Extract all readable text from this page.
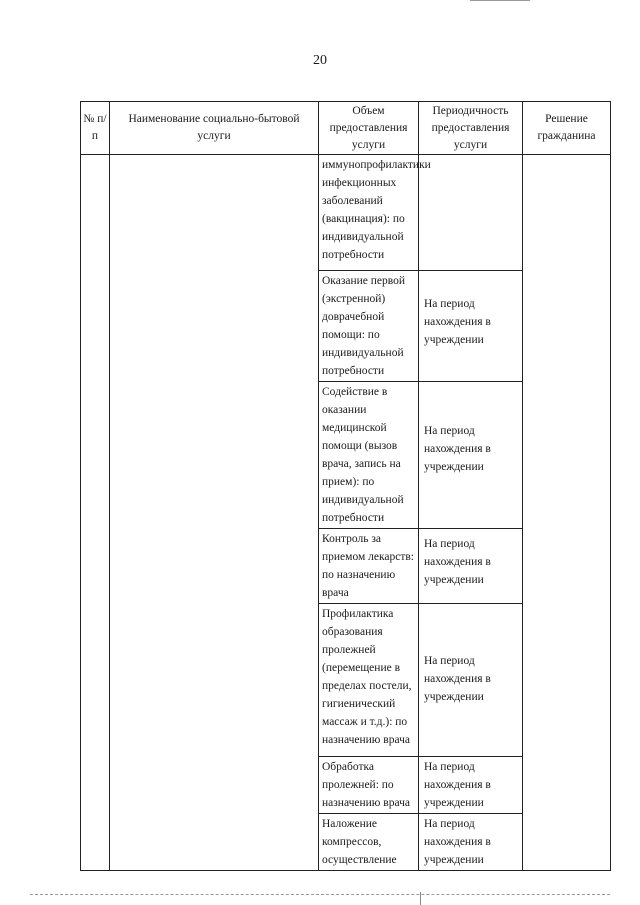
20
№ п/п	Наименование социально-бытовой услуги	Объем предоставления услуги	Периодичность предоставления услуги	Решение гражданина

		иммунопрофилактики инфекционных заболеваний (вакцинация): по индивидуальной потребности		

		Оказание первой (экстренной) доврачебной помощи: по индивидуальной потребности	На период нахождения в учреждении	

		Содействие в оказании медицинской помощи (вызов врача, запись на прием): по индивидуальной потребности	На период нахождения в учреждении	

		Контроль за приемом лекарств: по назначению врача	На период нахождения в учреждении	

		Профилактика образования пролежней (перемещение в пределах постели, гигиенический массаж и т.д.): по назначению врача	На период нахождения в учреждении	

		Обработка пролежней: по назначению врача	На период нахождения в учреждении	

		Наложение компрессов, осуществление	На период нахождения в учреждении	
